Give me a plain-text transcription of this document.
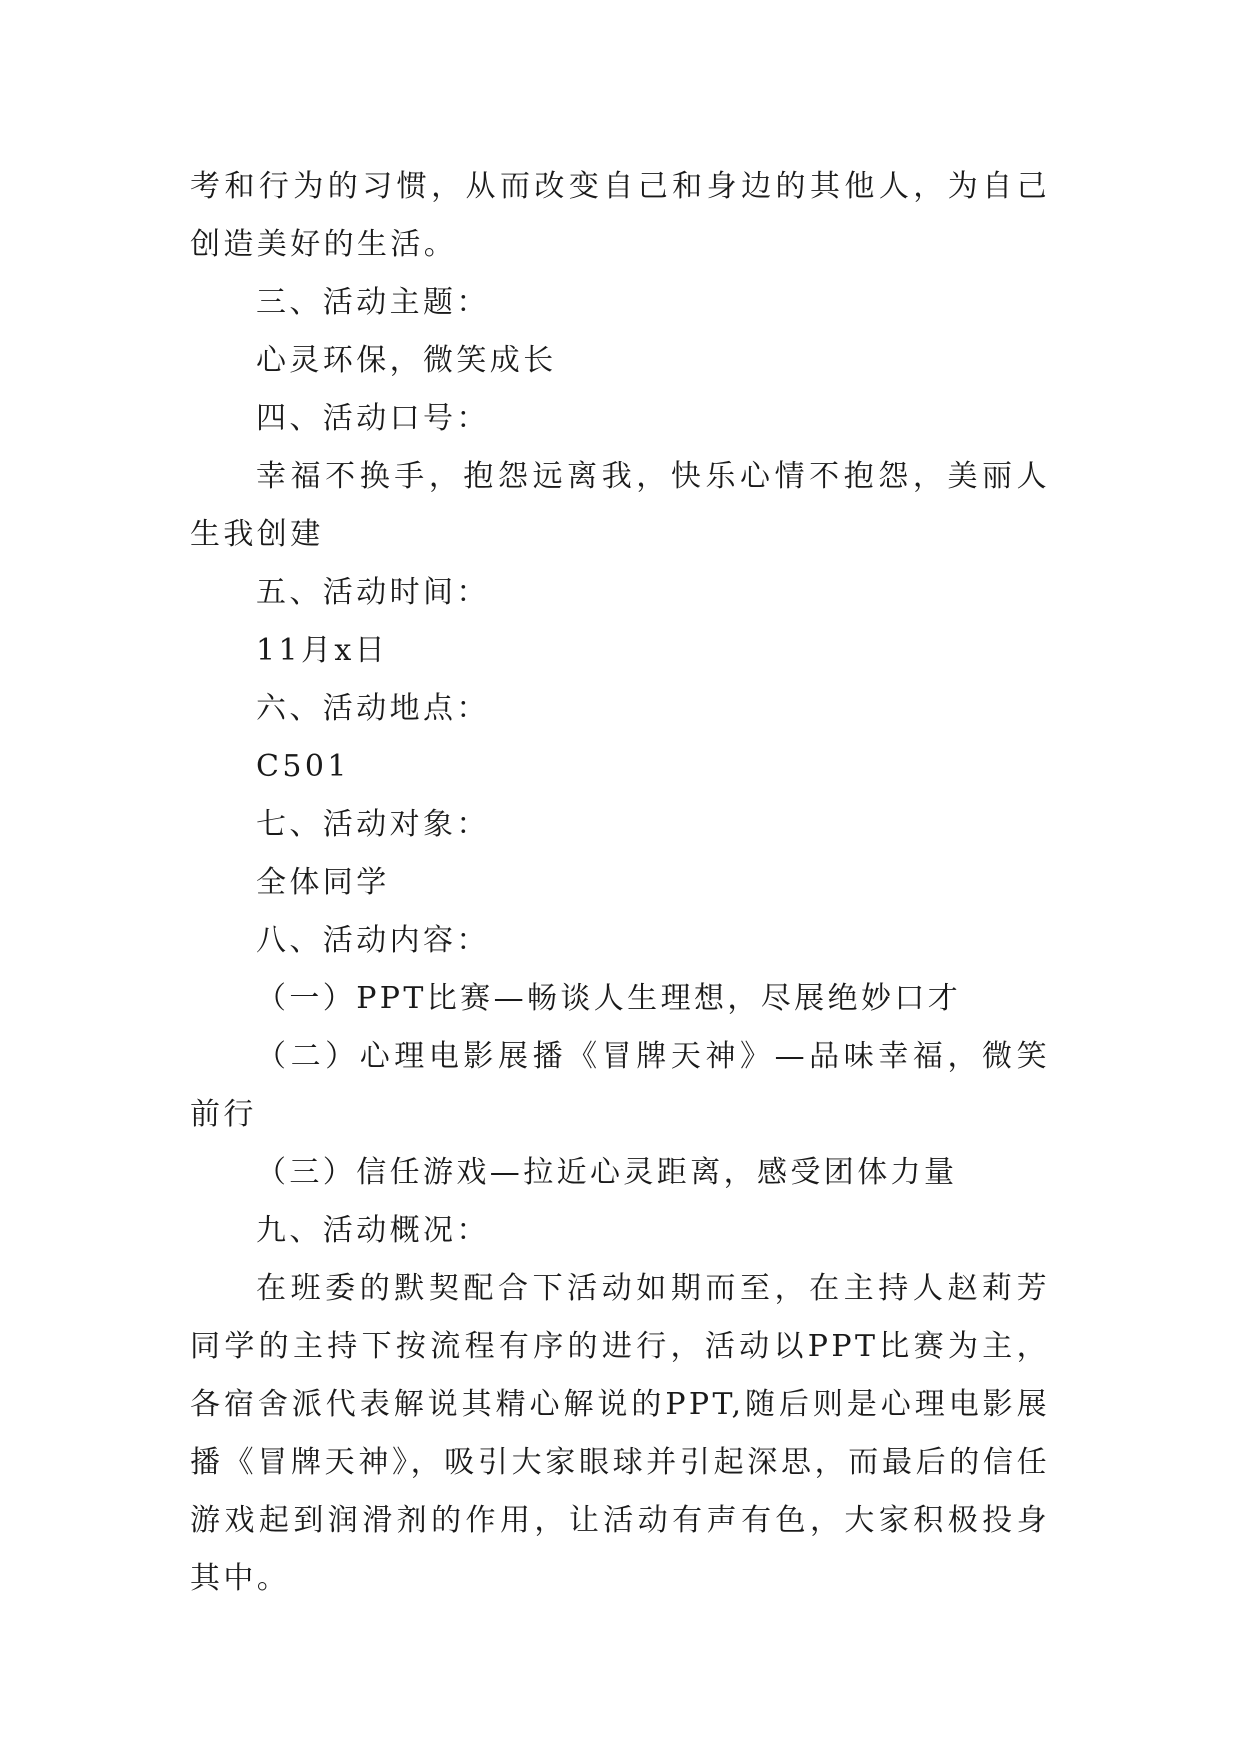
考和行为的习惯，从而改变自己和身边的其他人，为自己创造美好的生活。

三、活动主题：

心灵环保，微笑成长

四、活动口号：

幸福不换手，抱怨远离我，快乐心情不抱怨，美丽人生我创建

五、活动时间：

11月x日

六、活动地点：

C501

七、活动对象：

全体同学

八、活动内容：

（一）PPT比赛—畅谈人生理想，尽展绝妙口才

（二）心理电影展播《冒牌天神》—品味幸福，微笑前行

（三）信任游戏—拉近心灵距离，感受团体力量

九、活动概况：

在班委的默契配合下活动如期而至，在主持人赵莉芳同学的主持下按流程有序的进行，活动以PPT比赛为主，各宿舍派代表解说其精心解说的PPT,随后则是心理电影展播《冒牌天神》，吸引大家眼球并引起深思，而最后的信任游戏起到润滑剂的作用，让活动有声有色，大家积极投身其中。
